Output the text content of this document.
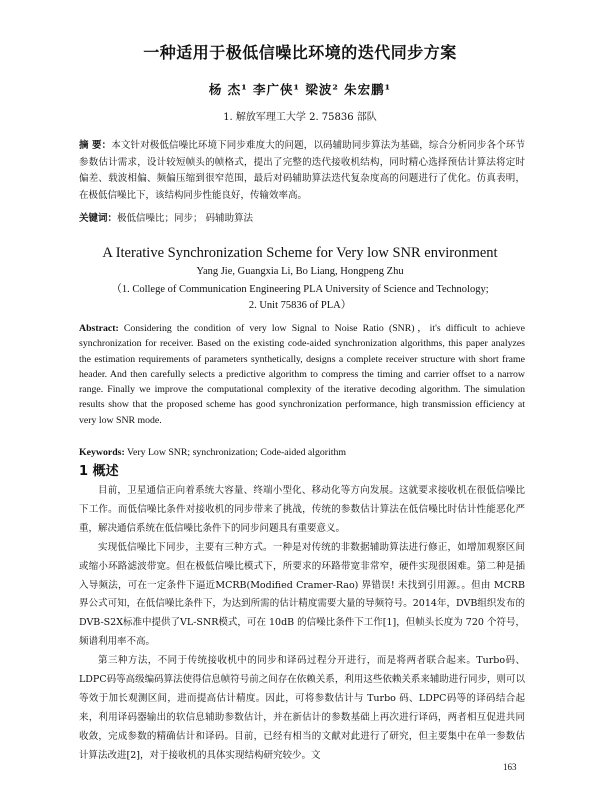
一种适用于极低信噪比环境的迭代同步方案
杨 杰¹ 李广侠¹ 梁波² 朱宏鹏¹
1. 解放军理工大学 2. 75836 部队
摘 要：本文针对极低信噪比环境下同步难度大的问题，以码辅助同步算法为基础，综合分析同步各个环节参数估计需求，设计较短帧头的帧格式，提出了完整的迭代接收机结构，同时精心选择预估计算法将定时偏差、载波相偏、频偏压缩到很窄范围，最后对码辅助算法迭代复杂度高的问题进行了优化。仿真表明，在极低信噪比下，该结构同步性能良好，传输效率高。
关键词：极低信噪比；同步； 码辅助算法
A Iterative Synchronization Scheme for Very low SNR environment
Yang Jie, Guangxia Li, Bo Liang, Hongpeng Zhu
（1. College of Communication Engineering PLA University of Science and Technology;
2. Unit 75836 of PLA）
Abstract: Considering the condition of very low Signal to Noise Ratio (SNR)，it's difficult to achieve synchronization for receiver. Based on the existing code-aided synchronization algorithms, this paper analyzes the estimation requirements of parameters synthetically, designs a complete receiver structure with short frame header. And then carefully selects a predictive algorithm to compress the timing and carrier offset to a narrow range. Finally we improve the computational complexity of the iterative decoding algorithm. The simulation results show that the proposed scheme has good synchronization performance, high transmission efficiency at very low SNR mode.
Keywords: Very Low SNR; synchronization; Code-aided algorithm
1 概述

目前，卫星通信正向着系统大容量、终端小型化、移动化等方向发展。这就要求接收机在很低信噪比下工作。而低信噪比条件对接收机的同步带来了挑战，传统的参数估计算法在低信噪比时估计性能恶化严重，解决通信系统在低信噪比条件下的同步问题具有重要意义。

实现低信噪比下同步，主要有三种方式。一种是对传统的非数据辅助算法进行修正，如增加观察区间或缩小环路滤波带宽。但在极低信噪比模式下，所要求的环路带宽非常窄，硬件实现很困难。第二种是插入导频法，可在一定条件下逼近MCRB(Modified Cramer-Rao) 界错误! 未找到引用源。。但由 MCRB 界公式可知，在低信噪比条件下，为达到所需的估计精度需要大量的导频符号。2014年，DVB组织发布的DVB-S2X标准中提供了VL-SNR模式，可在 10dB 的信噪比条件下工作[1]，但帧头长度为 720 个符号，频谱利用率不高。

第三种方法，不同于传统接收机中的同步和译码过程分开进行，而是将两者联合起来。Turbo码、LDPC码等高级编码算法使得信息帧符号前之间存在依赖关系，利用这些依赖关系来辅助进行同步，则可以等效于加长观测区间，进而提高估计精度。因此，可将参数估计与 Turbo 码、LDPC码等的译码结合起来，利用译码器输出的软信息辅助参数估计，并在新估计的参数基础上再次进行译码，两者相互促进共同收敛，完成参数的精确估计和译码。目前，已经有相当的文献对此进行了研究，但主要集中在单一参数估计算法改进[2]，对于接收机的具体实现结构研究较少。文

163
